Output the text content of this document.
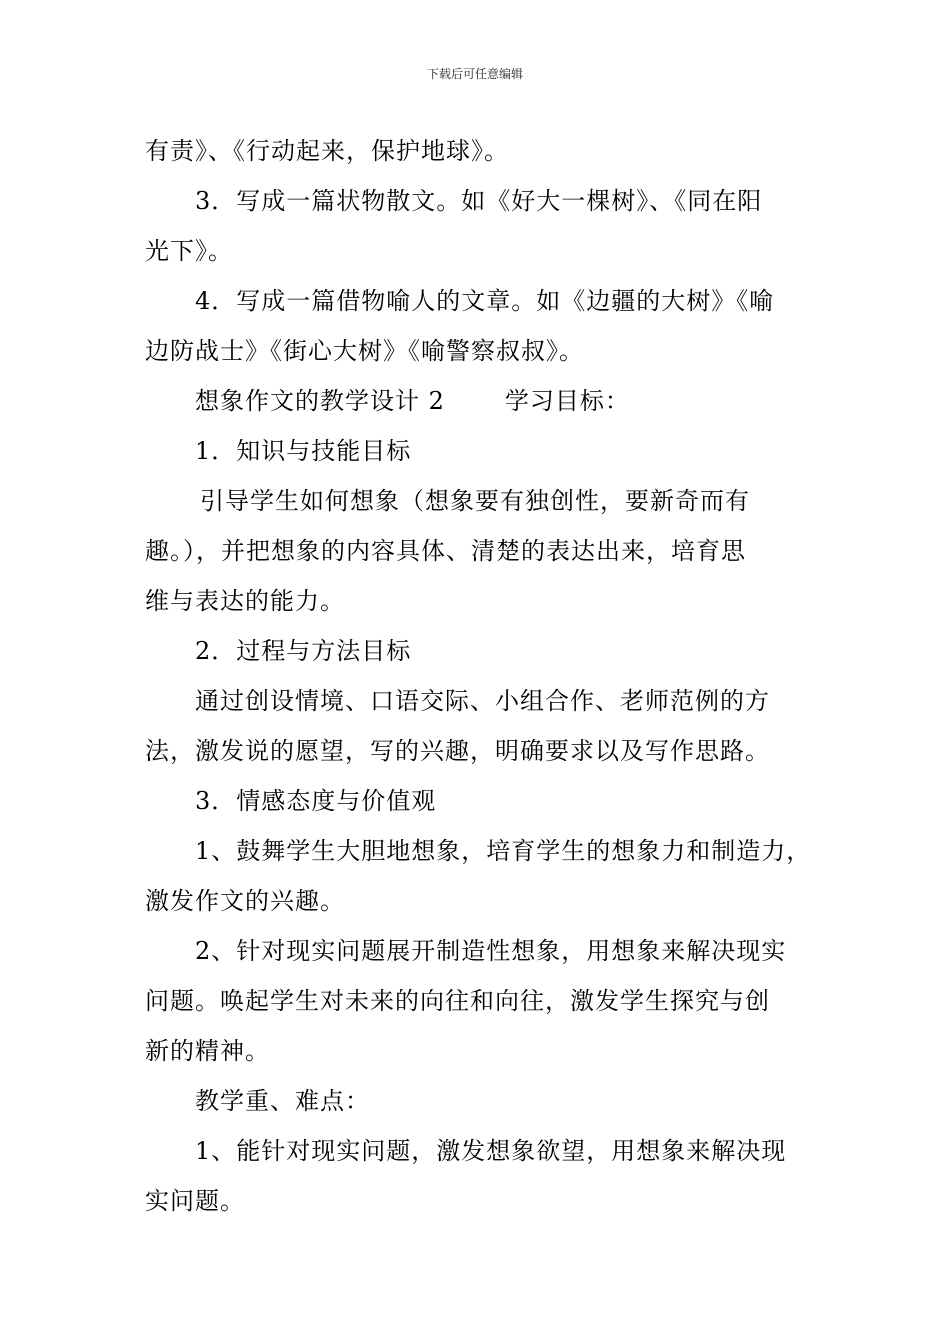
下载后可任意编辑
有责》、《行动起来，保护地球》。
3．写成一篇状物散文。如《好大一棵树》、《同在阳
光下》。
4．写成一篇借物喻人的文章。如《边疆的大树》《喻
边防战士》《街心大树》《喻警察叔叔》。
想象作文的教学设计 2	学习目标：
1．知识与技能目标
引导学生如何想象（想象要有独创性，要新奇而有
趣。），并把想象的内容具体、清楚的表达出来，培育思
维与表达的能力。
2．过程与方法目标
通过创设情境、口语交际、小组合作、老师范例的方
法，激发说的愿望，写的兴趣，明确要求以及写作思路。
3．情感态度与价值观
1、鼓舞学生大胆地想象，培育学生的想象力和制造力，
激发作文的兴趣。
2、针对现实问题展开制造性想象，用想象来解决现实
问题。唤起学生对未来的向往和向往，激发学生探究与创
新的精神。
教学重、难点：
1、能针对现实问题，激发想象欲望，用想象来解决现
实问题。
